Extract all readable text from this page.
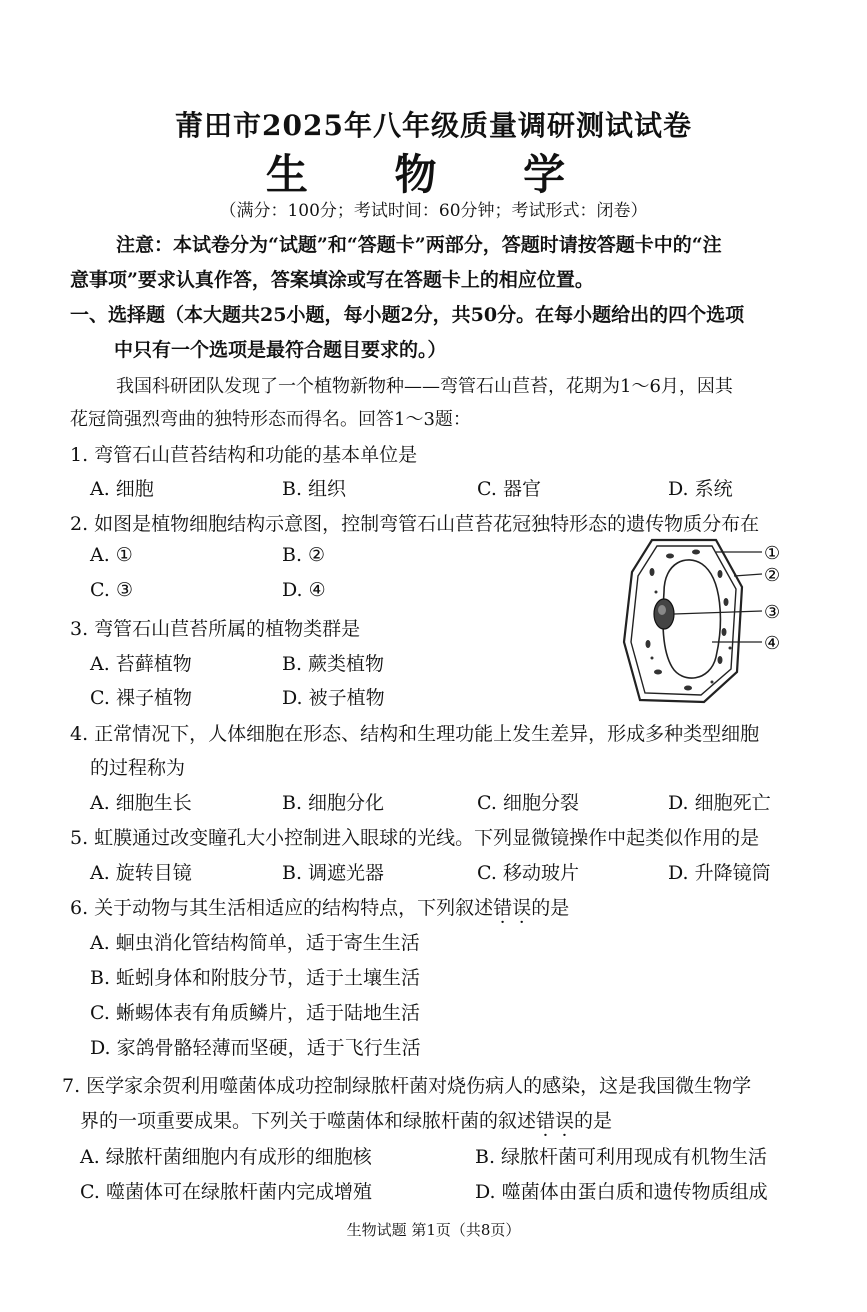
莆田市2025年八年级质量调研测试试卷
生 物 学
（满分：100分；考试时间：60分钟；考试形式：闭卷）
注意：本试卷分为“试题”和“答题卡”两部分，答题时请按答题卡中的“注
意事项”要求认真作答，答案填涂或写在答题卡上的相应位置。
一、选择题（本大题共25小题，每小题2分，共50分。在每小题给出的四个选项
中只有一个选项是最符合题目要求的。）
我国科研团队发现了一个植物新物种——弯管石山苣苔，花期为1～6月，因其
花冠筒强烈弯曲的独特形态而得名。回答1～3题：
1. 弯管石山苣苔结构和功能的基本单位是
A. 细胞	B. 组织	C. 器官	D. 系统
2. 如图是植物细胞结构示意图，控制弯管石山苣苔花冠独特形态的遗传物质分布在
A. ①	B. ②
C. ③	D. ④
①
②
③
④
3. 弯管石山苣苔所属的植物类群是
A. 苔藓植物	B. 蕨类植物
C. 裸子植物	D. 被子植物
4. 正常情况下，人体细胞在形态、结构和生理功能上发生差异，形成多种类型细胞
的过程称为
A. 细胞生长	B. 细胞分化	C. 细胞分裂	D. 细胞死亡
5. 虹膜通过改变瞳孔大小控制进入眼球的光线。下列显微镜操作中起类似作用的是
A. 旋转目镜	B. 调遮光器	C. 移动玻片	D. 升降镜筒
6. 关于动物与其生活相适应的结构特点，下列叙述错误的是
A. 蛔虫消化管结构简单，适于寄生生活
B. 蚯蚓身体和附肢分节，适于土壤生活
C. 蜥蜴体表有角质鳞片，适于陆地生活
D. 家鸽骨骼轻薄而坚硬，适于飞行生活
7. 医学家余贺利用噬菌体成功控制绿脓杆菌对烧伤病人的感染，这是我国微生物学
界的一项重要成果。下列关于噬菌体和绿脓杆菌的叙述错误的是
A. 绿脓杆菌细胞内有成形的细胞核	B. 绿脓杆菌可利用现成有机物生活
C. 噬菌体可在绿脓杆菌内完成增殖	D. 噬菌体由蛋白质和遗传物质组成
生物试题 第1页（共8页）
